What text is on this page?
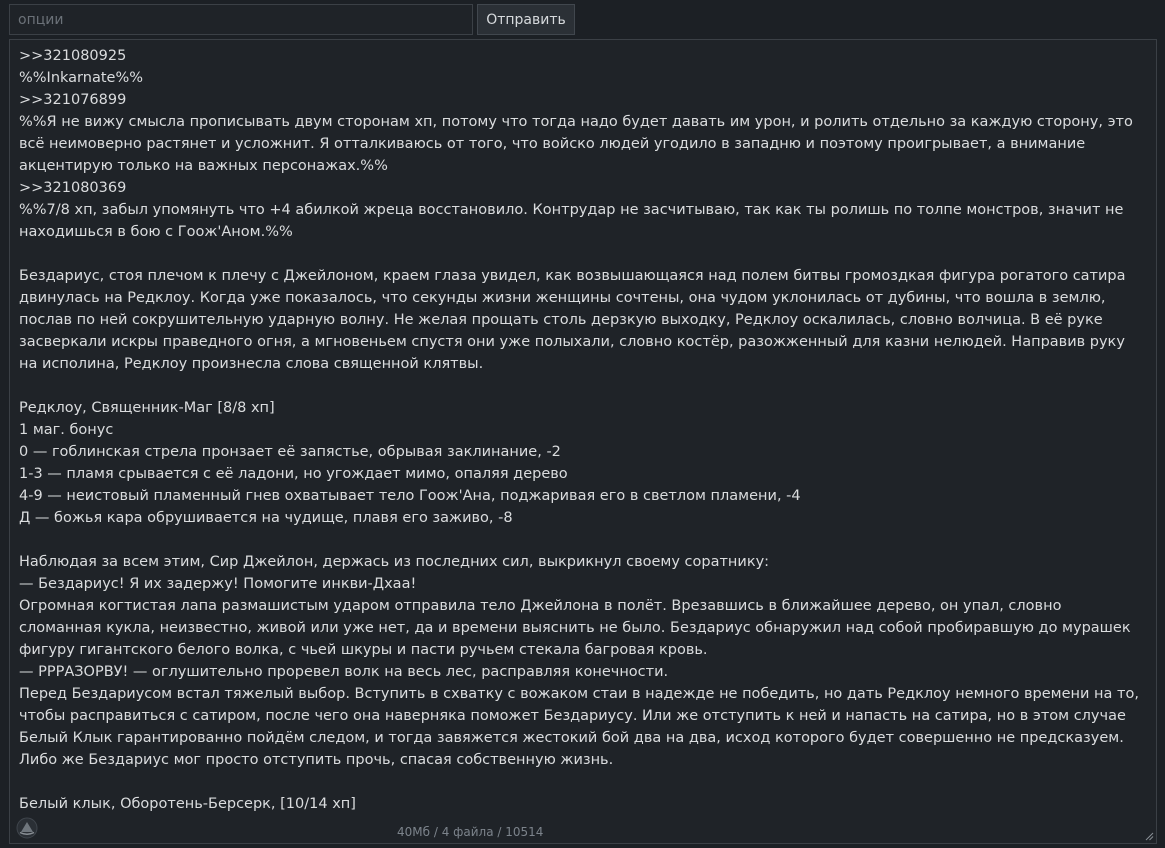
опции
Отправить
>>321080925
%%Inkarnate%%
>>321076899
%%Я не вижу смысла прописывать двум сторонам хп, потому что тогда надо будет давать им урон, и ролить отдельно за каждую сторону, это всё неимоверно растянет и усложнит. Я отталкиваюсь от того, что войско людей угодило в западню и поэтому проигрывает, а внимание акцентирую только на важных персонажах.%%
>>321080369
%%7/8 хп, забыл упомянуть что +4 абилкой жреца восстановило. Контрудар не засчитываю, так как ты ролишь по толпе монстров, значит не находишься в бою с Гоож'Аном.%%

Бездариус, стоя плечом к плечу с Джейлоном, краем глаза увидел, как возвышающаяся над полем битвы громоздкая фигура рогатого сатира двинулась на Редклоу. Когда уже показалось, что секунды жизни женщины сочтены, она чудом уклонилась от дубины, что вошла в землю, послав по ней сокрушительную ударную волну. Не желая прощать столь дерзкую выходку, Редклоу оскалилась, словно волчица. В её руке засверкали искры праведного огня, а мгновеньем спустя они уже полыхали, словно костёр, разожженный для казни нелюдей. Направив руку на исполина, Редклоу произнесла слова священной клятвы.

Редклоу, Священник-Маг [8/8 хп]
1 маг. бонус
0 — гоблинская стрела пронзает её запястье, обрывая заклинание, -2
1-3 — пламя срывается с её ладони, но угождает мимо, опаляя дерево
4-9 — неистовый пламенный гнев охватывает тело Гоож'Ана, поджаривая его в светлом пламени, -4
Д — божья кара обрушивается на чудище, плавя его заживо, -8

Наблюдая за всем этим, Сир Джейлон, держась из последних сил, выкрикнул своему соратнику:
— Бездариус! Я их задержу! Помогите инкви-Дхаа!
Огромная когтистая лапа размашистым ударом отправила тело Джейлона в полёт. Врезавшись в ближайшее дерево, он упал, словно сломанная кукла, неизвестно, живой или уже нет, да и времени выяснить не было. Бездариус обнаружил над собой пробиравшую до мурашек фигуру гигантского белого волка, с чьей шкуры и пасти ручьем стекала багровая кровь.
— РРРАЗОРВУ! — оглушительно проревел волк на весь лес, расправляя конечности.
Перед Бездариусом встал тяжелый выбор. Вступить в схватку с вожаком стаи в надежде не победить, но дать Редклоу немного времени на то, чтобы расправиться с сатиром, после чего она наверняка поможет Бездариусу. Или же отступить к ней и напасть на сатира, но в этом случае Белый Клык гарантированно пойдём следом, и тогда завяжется жестокий бой два на два, исход которого будет совершенно не предсказуем. Либо же Бездариус мог просто отступить прочь, спасая собственную жизнь.

Белый клык, Оборотень-Берсерк, [10/14 хп]
40Мб / 4 файла / 10514
